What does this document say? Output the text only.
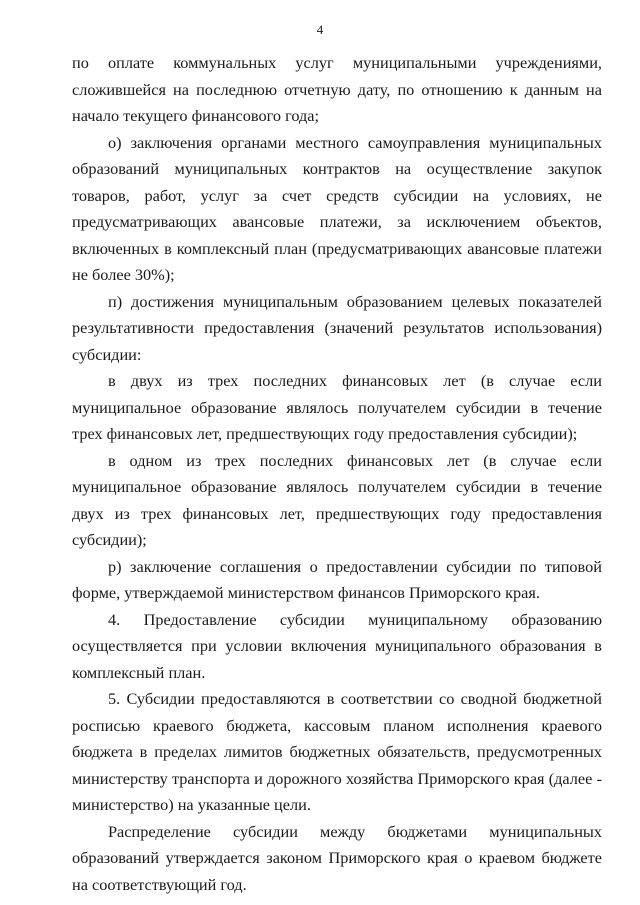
4

по оплате коммунальных услуг муниципальными учреждениями, сложившейся на последнюю отчетную дату, по отношению к данным на начало текущего финансового года;

о) заключения органами местного самоуправления муниципальных образований муниципальных контрактов на осуществление закупок товаров, работ, услуг за счет средств субсидии на условиях, не предусматривающих авансовые платежи, за исключением объектов, включенных в комплексный план (предусматривающих авансовые платежи не более 30%);

п) достижения муниципальным образованием целевых показателей результативности предоставления (значений результатов использования) субсидии:

в двух из трех последних финансовых лет (в случае если муниципальное образование являлось получателем субсидии в течение трех финансовых лет, предшествующих году предоставления субсидии);

в одном из трех последних финансовых лет (в случае если муниципальное образование являлось получателем субсидии в течение двух из трех финансовых лет, предшествующих году предоставления субсидии);

р) заключение соглашения о предоставлении субсидии по типовой форме, утверждаемой министерством финансов Приморского края.

4. Предоставление субсидии муниципальному образованию осуществляется при условии включения муниципального образования в комплексный план.

5. Субсидии предоставляются в соответствии со сводной бюджетной росписью краевого бюджета, кассовым планом исполнения краевого бюджета в пределах лимитов бюджетных обязательств, предусмотренных министерству транспорта и дорожного хозяйства Приморского края (далее - министерство) на указанные цели.

Распределение субсидии между бюджетами муниципальных образований утверждается законом Приморского края о краевом бюджете на соответствующий год.
